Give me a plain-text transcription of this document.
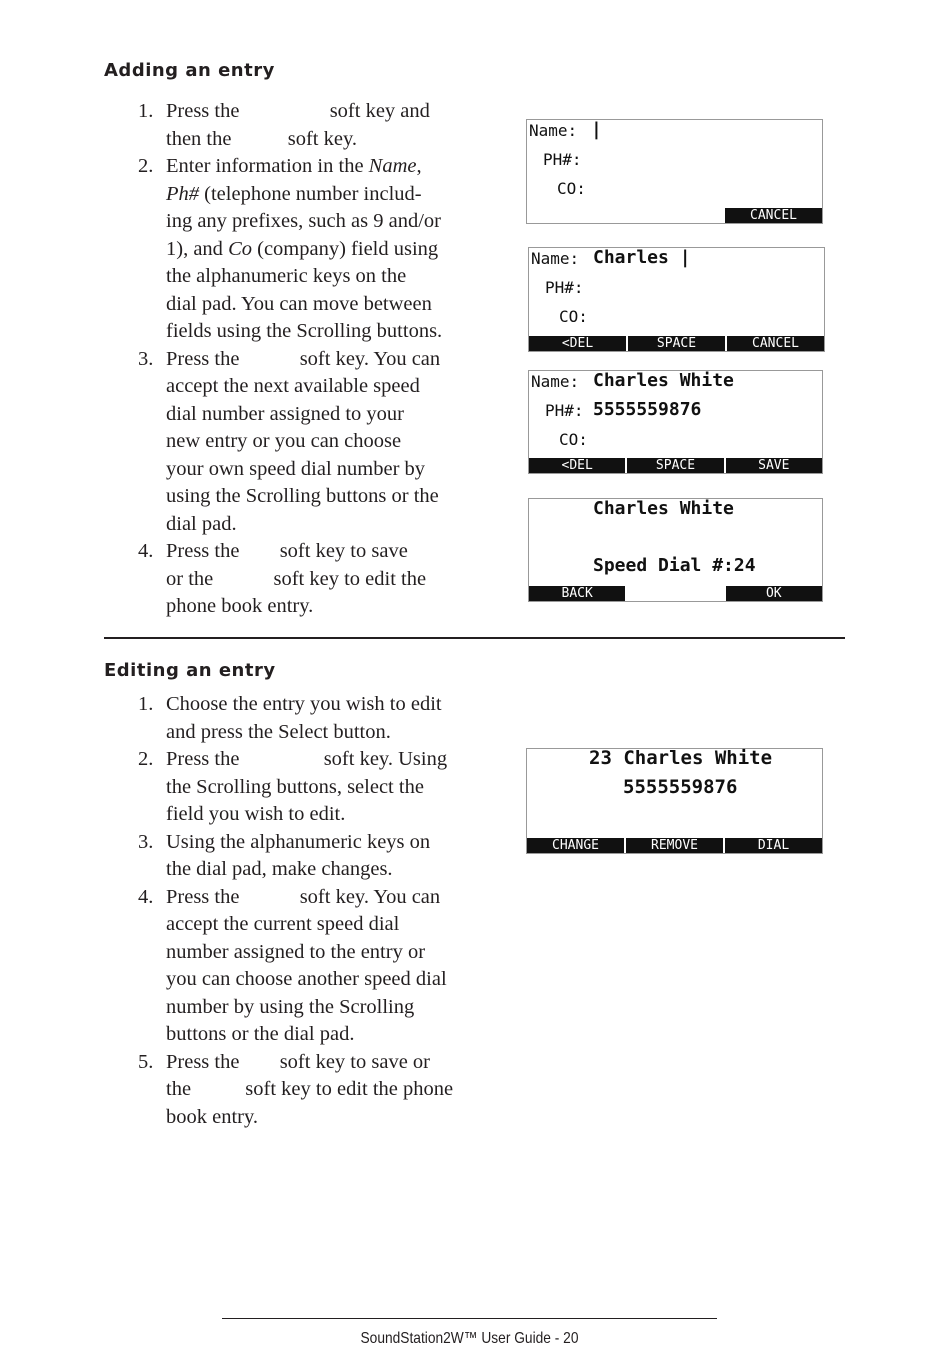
Adding an entry
1. Press the	soft key and
then the  soft key.
2. Enter information in the Name,
Ph# (telephone number includ-
ing any prefixes, such as 9 and/or
1), and Co (company) field using
the alphanumeric keys on the
dial pad. You can move between
fields using the Scrolling buttons.
3. Press the  soft key. You can
accept the next available speed
dial number assigned to your
new entry or you can choose
your own speed dial number by
using the Scrolling buttons or the
dial pad.
4. Press the  soft key to save
or the  soft key to edit the
phone book entry.
Name: |
PH#:
CO:
CANCEL
Name: Charles |
PH#:
CO:
<DEL	SPACE	CANCEL
Name: Charles White
PH#: 5555559876
CO:
<DEL	SPACE	SAVE
Charles White
Speed Dial #:24
BACK	OK
Editing an entry
1. Choose the entry you wish to edit
and press the Select button.
2. Press the	soft key. Using
the Scrolling buttons, select the
field you wish to edit.
3. Using the alphanumeric keys on
the dial pad, make changes.
4. Press the  soft key. You can
accept the current speed dial
number assigned to the entry or
you can choose another speed dial
number by using the Scrolling
buttons or the dial pad.
5. Press the  soft key to save or
the  soft key to edit the phone
book entry.
23 Charles White
5555559876
CHANGE	REMOVE	DIAL
SoundStation2W™ User Guide - 20
